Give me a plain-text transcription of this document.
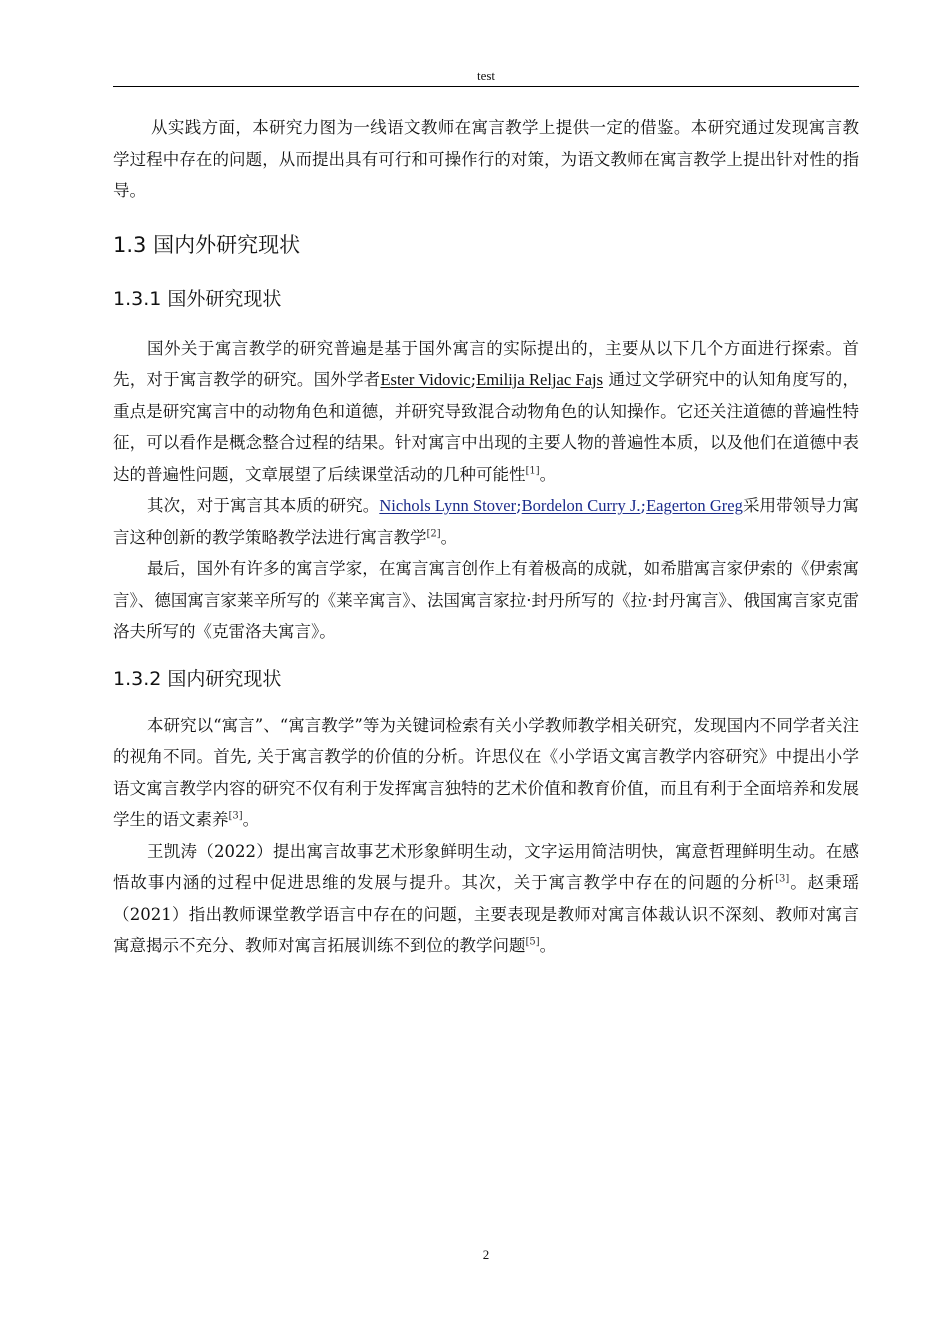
test

从实践方面，本研究力图为一线语文教师在寓言教学上提供一定的借鉴。本研究通过发现寓言教学过程中存在的问题，从而提出具有可行和可操作行的对策，为语文教师在寓言教学上提出针对性的指导。

1.3 国内外研究现状
1.3.1 国外研究现状

国外关于寓言教学的研究普遍是基于国外寓言的实际提出的，主要从以下几个方面进行探索。首先，对于寓言教学的研究。国外学者Ester Vidovic;Emilija Reljac Fajs 通过文学研究中的认知角度写的，重点是研究寓言中的动物角色和道德，并研究导致混合动物角色的认知操作。它还关注道德的普遍性特征，可以看作是概念整合过程的结果。针对寓言中出现的主要人物的普遍性本质，以及他们在道德中表达的普遍性问题，文章展望了后续课堂活动的几种可能性[1]。

其次，对于寓言其本质的研究。Nichols Lynn Stover;Bordelon Curry J.;Eagerton Greg采用带领导力寓言这种创新的教学策略教学法进行寓言教学[2]。

最后，国外有许多的寓言学家，在寓言寓言创作上有着极高的成就，如希腊寓言家伊索的《伊索寓言》、德国寓言家莱辛所写的《莱辛寓言》、法国寓言家拉·封丹所写的《拉·封丹寓言》、俄国寓言家克雷洛夫所写的《克雷洛夫寓言》。

1.3.2 国内研究现状

本研究以“寓言”、“寓言教学”等为关键词检索有关小学教师教学相关研究，发现国内不同学者关注的视角不同。首先, 关于寓言教学的价值的分析。许思仪在《小学语文寓言教学内容研究》中提出小学语文寓言教学内容的研究不仅有利于发挥寓言独特的艺术价值和教育价值，而且有利于全面培养和发展学生的语文素养[3]。

王凯涛（2022）提出寓言故事艺术形象鲜明生动，文字运用简洁明快，寓意哲理鲜明生动。在感悟故事内涵的过程中促进思维的发展与提升。其次，关于寓言教学中存在的问题的分析[3]。赵秉瑶（2021）指出教师课堂教学语言中存在的问题，主要表现是教师对寓言体裁认识不深刻、教师对寓言寓意揭示不充分、教师对寓言拓展训练不到位的教学问题[5]。

2
